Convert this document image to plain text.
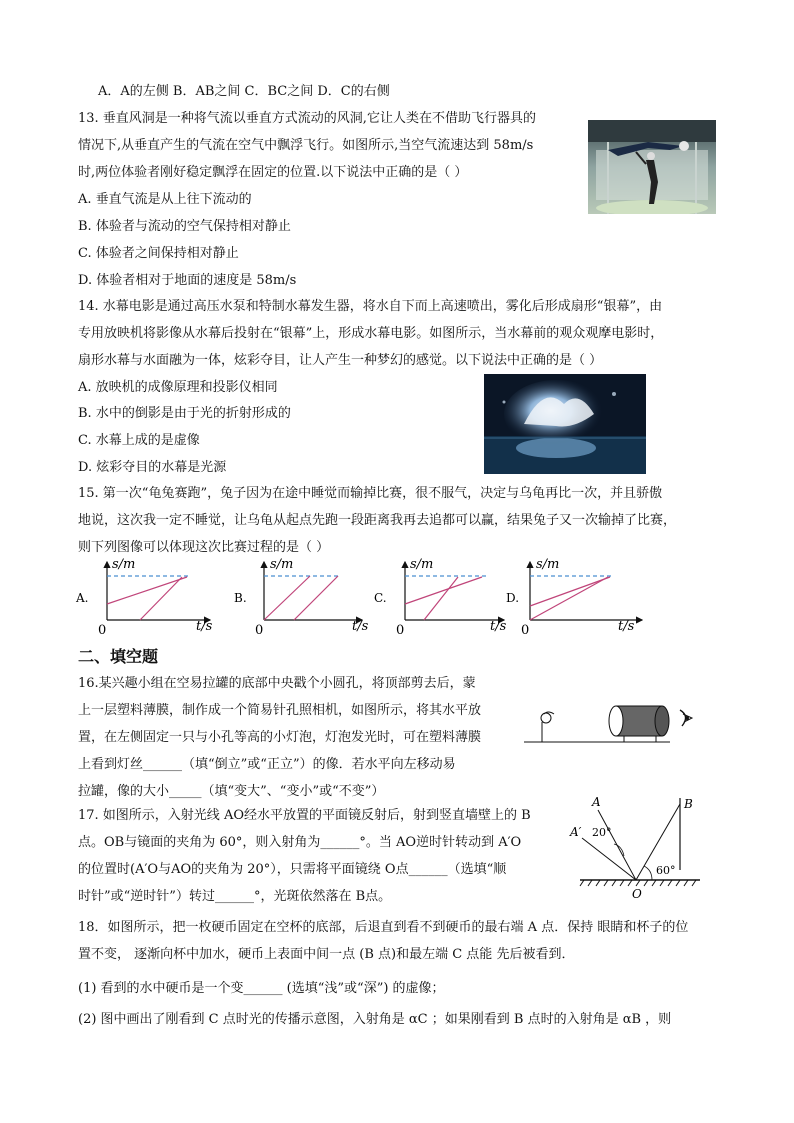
A．A的左侧 B．AB之间 C．BC之间 D．C的右侧
13. 垂直风洞是一种将气流以垂直方式流动的风洞,它让人类在不借助飞行器具的
情况下,从垂直产生的气流在空气中飘浮飞行。如图所示,当空气流速达到 58m/s
时,两位体验者刚好稳定飘浮在固定的位置.以下说法中正确的是（ ）
A. 垂直气流是从上往下流动的
B. 体验者与流动的空气保持相对静止
C. 体验者之间保持相对静止
D. 体验者相对于地面的速度是 58m/s
14. 水幕电影是通过高压水泵和特制水幕发生器，将水自下而上高速喷出，雾化后形成扇形“银幕”，由
专用放映机将影像从水幕后投射在“银幕”上，形成水幕电影。如图所示，当水幕前的观众观摩电影时，
扇形水幕与水面融为一体，炫彩夺目，让人产生一种梦幻的感觉。以下说法中正确的是（ ）
A. 放映机的成像原理和投影仪相同
B. 水中的倒影是由于光的折射形成的
C. 水幕上成的是虚像
D. 炫彩夺目的水幕是光源
15. 第一次“龟兔赛跑”，兔子因为在途中睡觉而输掉比赛，很不服气，决定与乌龟再比一次，并且骄傲
地说，这次我一定不睡觉，让乌龟从起点先跑一段距离我再去追都可以赢，结果兔子又一次输掉了比赛，
则下列图像可以体现这次比赛过程的是（ ）
A.
s/m
t/s
0
B.
s/m
t/s
0
C.
s/m
t/s
0
D.
s/m
t/s
0
二、填空题
16.某兴趣小组在空易拉罐的底部中央戳个小圆孔，将顶部剪去后，蒙
上一层塑料薄膜，制作成一个简易针孔照相机，如图所示，将其水平放
置，在左侧固定一只与小孔等高的小灯泡，灯泡发光时，可在塑料薄膜
上看到灯丝______（填“倒立”或“正立”）的像．若水平向左移动易
拉罐，像的大小_____（填“变大”、“变小”或“不变”）
17. 如图所示，入射光线 AO经水平放置的平面镜反射后，射到竖直墙壁上的 B
点。OB与镜面的夹角为 60°，则入射角为______°。当 AO逆时针转动到 A′O
的位置时(A′O与AO的夹角为 20°），只需将平面镜绕 O点______（选填“顺
时针”或“逆时针”）转过______°，光斑依然落在 B点。
A	B
A′ 20°
60°
O
18．如图所示，把一枚硬币固定在空杯的底部，后退直到看不到硬币的最右端 A 点．保持 眼睛和杯子的位
置不变， 逐渐向杯中加水，硬币上表面中间一点 (B 点)和最左端 C 点能 先后被看到．
(1) 看到的水中硬币是一个变______ (选填“浅”或“深”) 的虚像；
(2) 图中画出了刚看到 C 点时光的传播示意图，入射角是 αC ；如果刚看到 B 点时的入射角是 αB ，则
